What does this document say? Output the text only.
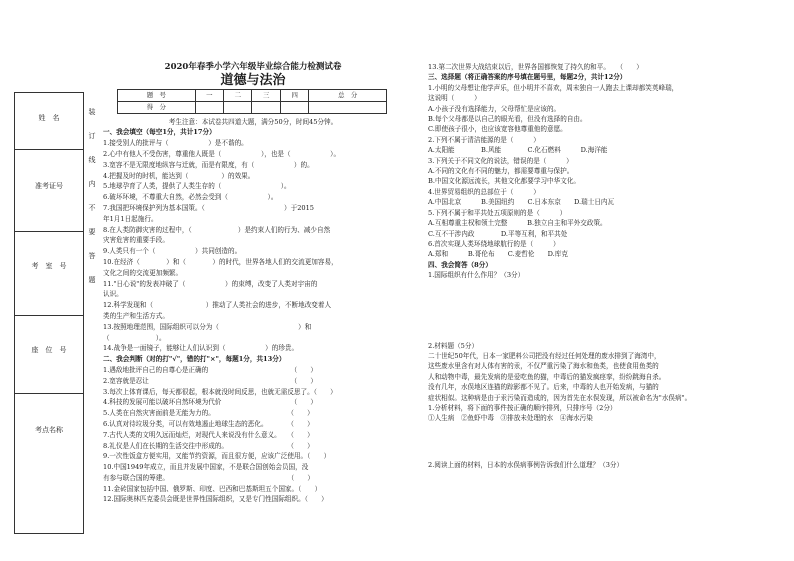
姓　名
准考证号
考　室　号
座　位　号
考点名称
装订线内不要答题
2020年春季小学六年级毕业综合能力检测试卷
道德与法治
题　号	一	二	三	四	总　分
得　分					
考生注意：本试卷共四道大题，满分50分，时间45分钟。
一、我会填空（每空1分，共计17分）
1.接受别人的批评与（　　　　　　）是不谐的。
2.心中有他人不受伤害，尊重他人既是（　　　　　　），也是（　　　　　　）。
3.宽容不是无限度地纵容与迁就，而是有限度，有（　　　　　　）的。
4.把握及时的时机，能达到（　　　　　）的效果。
5.地球孕育了人类，提供了人类生存的（　　　　　　　　　）。
6.破坏环境，不尊重大自然，必然会受到（　　　　　　）。
7.我国把环境保护列为基本国策。（　　　　　　　　　　　　）于2015
年1月1日起施行。
8.在人类防御灾害的过程中，（　　　　　　　）是约束人们的行为、减少自然
灾害危害的重要手段。
9.人类只有一个（　　　　　　）共同创造的。
10.在经济（　　　　）和（　　　　）的时代，世界各地人们的交流更加容易，
文化之间的交流更加频繁。
11."日心说"的发表冲破了（　　　　　　）的束缚，改变了人类对宇宙的
认识。
12.科学发现和（　　　　　　　　）推动了人类社会的进步，不断地改变着人
类的生产和生活方式。
13.按照地理范围，国际组织可以分为（　　　　　　　　　　　　）和
（　　　　　　　）。
14.战争是一面镜子，能够让人们认识到（　　　　　　）的珍贵。
二、我会判断（对的打"√"，错的打"×"，每题1分，共13分）
1.遇敌地批评自己的自尊心是正确的　　　　　　　　　　　　　（　　）
2.宽容就是忍让　　　　　　　　　　　　　　　　　　　　　　（　　）
3.每次上体育课后，每天都很起，根本就没时间反思，也就无需反思了。（　　）
4.科技的发展可能以破坏自然环境为代价　　　　　　　　　　　（　　）
5.人类在自然灾害面前是无能为力的。　　　　　　　　　　　　（　　）
6.认真对待垃圾分类，可以有效地遏止地球生态的恶化。　　　　（　　）
7.古代人类的文明久远而灿烂，对现代人来说没有什么意义。　　（　　）
8.礼仪是人们在长期的生活交往中形成的。　　　　　　　　　　（　　）
9.一次性饭盒方便实用，又能节约资源，而且很方便，应该广泛使用。（　　）
10.中国1949年成立，而且并发展中国家，不是联合国创始会员国，没
有参与联合国的筹建。　　　　　　　　　　　　　　　　　　　（　　）
11.金砖国家包括中国、俄罗斯、印度、巴西和巴基斯坦五个国家。（　　）
12.国际奥林匹克委员会既是世界性国际组织，又是专门性国际组织。（　　）
13.第二次世界大战结束以后，世界各国都恢复了持久的和平。　　（　　）
三、选择题（将正确答案的序号填在题号里，每题2分，共计12分）
1.小明的父母想让他学声乐，但小明并不喜欢，周末独自一人跑去上课却都笑英峰瑞，
这说明（　　　）
A.小孩子没有选择能力，父母帮忙是应该的。
B.每个父母都是以自己的眼光看，但没有选择的自由。
C.即使孩子很小，也应该宽容他尊重他的意愿。
2.下列不属于清洁能源的是（　　　）
A.太阳能　　　　B.风能　　　　C.化石燃料　　　D.海洋能
3.下列关于不同文化的说法，错误的是（　　　）
A.不同的文化有不同的魅力，都需要尊重与保护。
B.中国文化源远流长，其他文化都要学习中华文化。
4.世界贸易组织的总部位于（　　　）
A.中国北京　　　B.美国纽约　　C.日本东京　　D.瑞士日内瓦
5.下列不属于和平共处五项原则的是（　　　）
A.互相尊重主权和领土完整　　　B.独立自主和平外交政策。
C.互不干涉内政　　　　D.平等互利，和平共处
6.首次实现人类环绕地球航行的是（　　　）
A.郑和　　　B.哥伦布　　C.麦哲伦　　D.库克
四、我会简答（8分）
1.国际组织有什么作用？（3分）
2.材料题（5分）
二十世纪50年代，日本一家肥料公司把没有经过任何处理的废水排到了海湾中，
这些废水里含有对人体有害的汞，不仅严重污染了海水和鱼类，也使食用鱼类的
人和动物中毒，最先发病的是爱吃鱼的猫，中毒后的猫发疯痉挛，纷纷跳海自杀。
没有几年，水俣地区连猫的踪影都不见了。后来，中毒的人也开始发病，与猫的
症状相似。这种病是由于汞污染而造成的，因为首先在水俣发现，所以被命名为"水俣病"。
1.分析材料，将下面的事件按正确的顺序排列，只排序号（2分）
①人生病　②鱼虾中毒　③排放未处理的水　④海水污染
2.阅读上面的材料，日本的水俣病事例告诉我们什么道理？（3分）
